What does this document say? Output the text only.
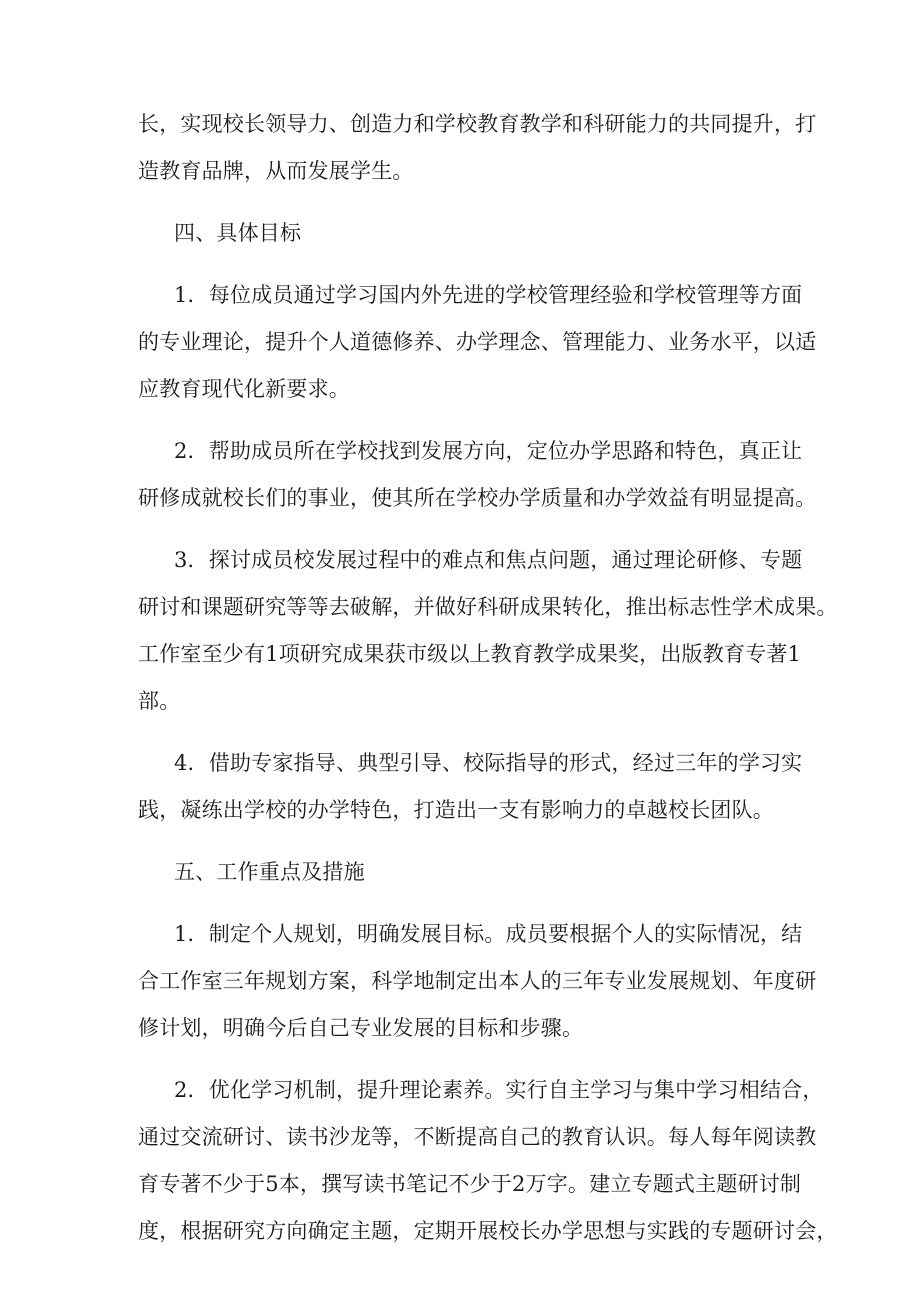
长，实现校长领导力、创造力和学校教育教学和科研能力的共同提升，打
造教育品牌，从而发展学生。
四、具体目标
1．每位成员通过学习国内外先进的学校管理经验和学校管理等方面
的专业理论，提升个人道德修养、办学理念、管理能力、业务水平，以适
应教育现代化新要求。
2．帮助成员所在学校找到发展方向，定位办学思路和特色，真正让
研修成就校长们的事业，使其所在学校办学质量和办学效益有明显提高。
3．探讨成员校发展过程中的难点和焦点问题，通过理论研修、专题
研讨和课题研究等等去破解，并做好科研成果转化，推出标志性学术成果。
工作室至少有1项研究成果获市级以上教育教学成果奖，出版教育专著1
部。
4．借助专家指导、典型引导、校际指导的形式，经过三年的学习实
践，凝练出学校的办学特色，打造出一支有影响力的卓越校长团队。
五、工作重点及措施
1．制定个人规划，明确发展目标。成员要根据个人的实际情况，结
合工作室三年规划方案，科学地制定出本人的三年专业发展规划、年度研
修计划，明确今后自己专业发展的目标和步骤。
2．优化学习机制，提升理论素养。实行自主学习与集中学习相结合，
通过交流研讨、读书沙龙等，不断提高自己的教育认识。每人每年阅读教
育专著不少于5本，撰写读书笔记不少于2万字。建立专题式主题研讨制
度，根据研究方向确定主题，定期开展校长办学思想与实践的专题研讨会，
